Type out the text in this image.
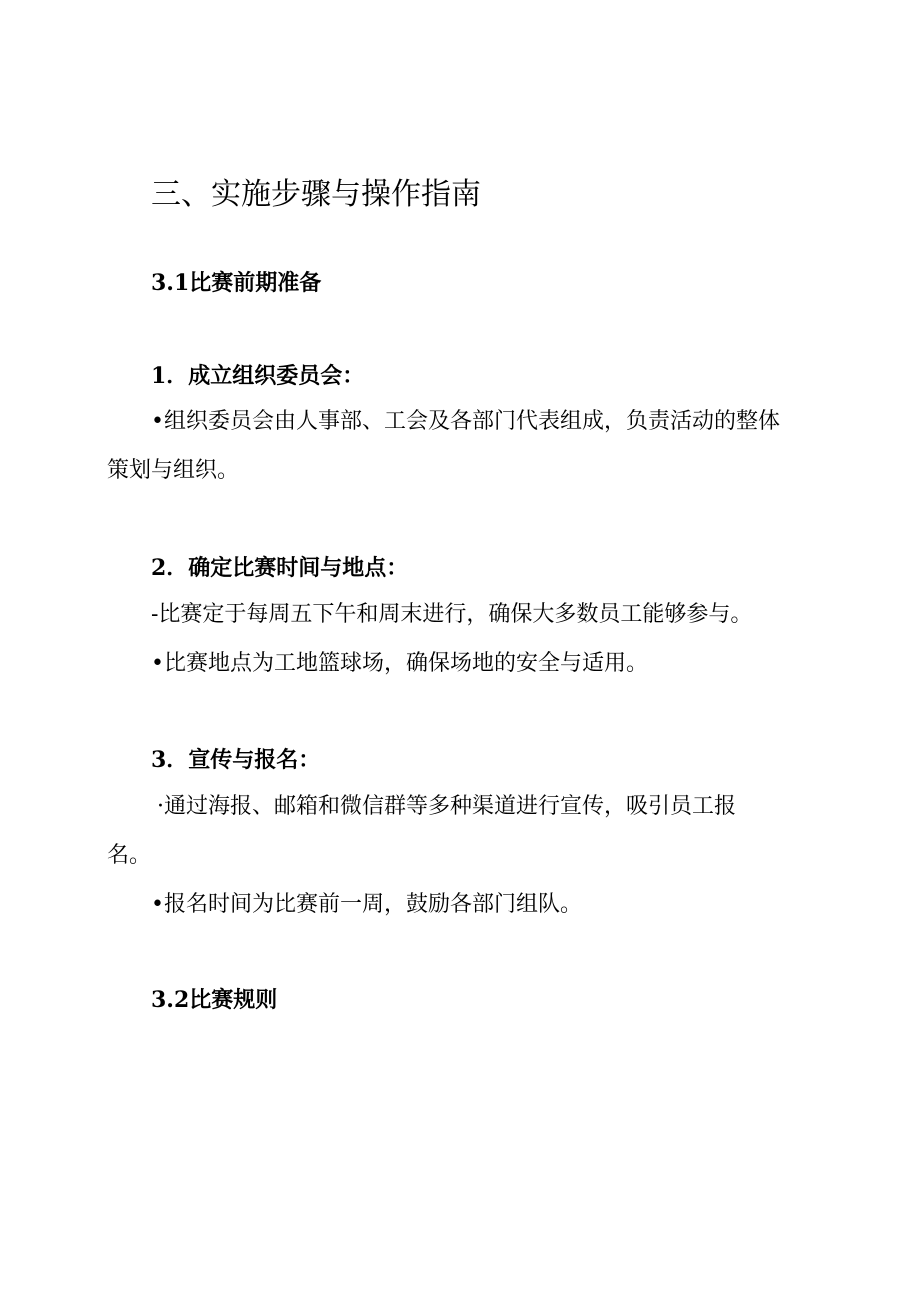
三、实施步骤与操作指南
3.1比赛前期准备
1．成立组织委员会：
•组织委员会由人事部、工会及各部门代表组成，负责活动的整体
策划与组织。
2．确定比赛时间与地点：
-比赛定于每周五下午和周末进行，确保大多数员工能够参与。
•比赛地点为工地篮球场，确保场地的安全与适用。
3．宣传与报名：
·通过海报、邮箱和微信群等多种渠道进行宣传，吸引员工报
名。
•报名时间为比赛前一周，鼓励各部门组队。
3.2比赛规则
